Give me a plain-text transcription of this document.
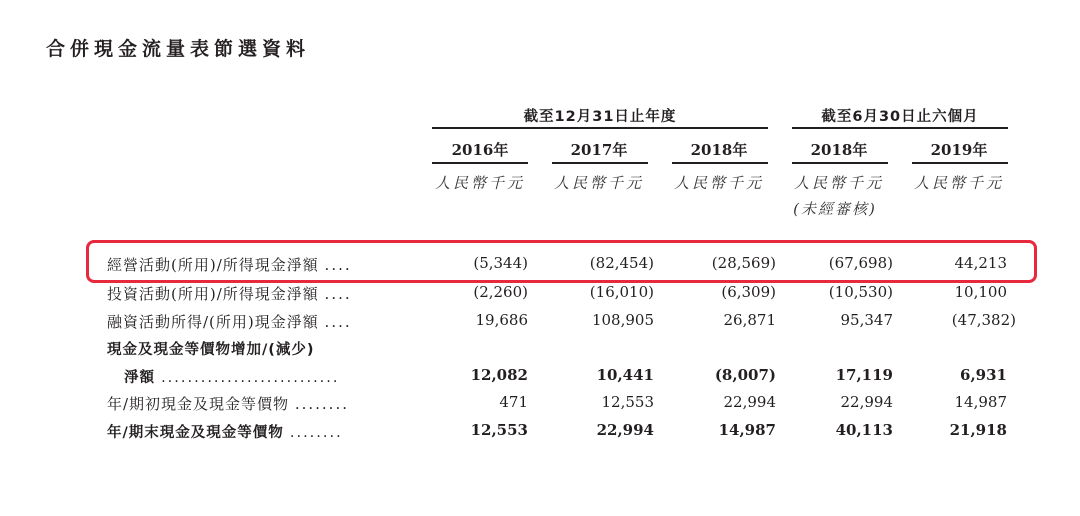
合併現金流量表節選資料
截至12月31日止年度	截至6月30日止六個月
2016年	2017年	2018年	2018年	2019年
人民幣千元	人民幣千元	人民幣千元	人民幣千元	人民幣千元
(未經審核)
經營活動(所用)/所得現金淨額 ....	(5,344)	(82,454)	(28,569)	(67,698)	44,213
投資活動(所用)/所得現金淨額 ....	(2,260)	(16,010)	(6,309)	(10,530)	10,100
融資活動所得/(所用)現金淨額 ....	19,686	108,905	26,871	95,347	(47,382)
現金及現金等價物增加/(減少)
淨額 ...........................	12,082	10,441	(8,007)	17,119	6,931
年/期初現金及現金等價物 ........	471	12,553	22,994	22,994	14,987
年/期末現金及現金等價物 ........	12,553	22,994	14,987	40,113	21,918
